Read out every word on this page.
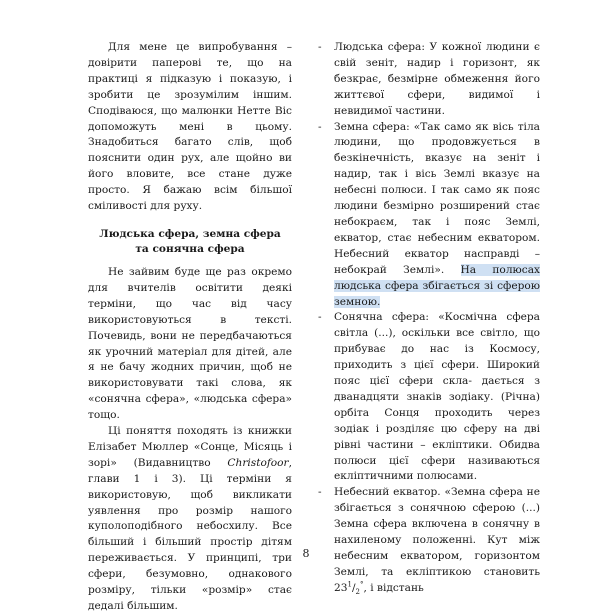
Для мене це випробування – довірити паперові те, що на практиці я підказую і показую, і зробити це зрозумілим іншим. Сподіваюся, що малюнки Нетте Віс допоможуть мені в цьому. Знадобиться багато слів, щоб пояснити один рух, але щойно ви його вловите, все стане дуже просто. Я бажаю всім більшої сміливості для руху.

Людська сфера, земна сфера та сонячна сфера

Не зайвим буде ще раз окремо для вчителів освітити деякі терміни, що час від часу використовуються в тексті. Почевидь, вони не передбачаються як урочний матеріал для дітей, але я не бачу жодних причин, щоб не використовувати такі слова, як «сонячна сфера», «людська сфера» тощо.

Ці поняття походять із книжки Елізабет Мюллер «Сонце, Місяць і зорі» (Видавництво Christofoor, глави 1 і 3). Ці терміни я використовую, щоб викликати уявлення про розмір нашого куполоподібного небосхилу. Все більший і більший простір дітям переживається. У принципі, три сфери, безумовно, однакового розміру, тільки «розмір» стає дедалі більшим.

- Людська сфера: У кожної людини є свій зеніт, надир і горизонт, як безкрає, безмірне обмеження його життєвої сфери, видимої і невидимої частини.
- Земна сфера: «Так само як вісь тіла людини, що продовжується в безкінечність, вказує на зеніт і надир, так і вісь Землі вказує на небесні полюси. І так само як пояс людини безмірно розширений стає небокраєм, так і пояс Землі, екватор, стає небесним екватором. Небесний екватор насправді – небокрай Землі». На полюсах людська сфера збігається зі сферою земною.
- Сонячна сфера: «Космічна сфера світла (...), оскільки все світло, що прибуває до нас із Космосу, приходить з цієї сфери. Широкий пояс цієї сфери скла- дається з дванадцяти знаків зодіаку. (Річна) орбіта Сонця проходить через зодіак і розділяє цю сферу на дві рівні частини – екліптики. Обидва полюси цієї сфери називаються екліптичними полюсами.
- Небесний екватор. «Земна сфера не збігається з сонячною сферою (...) Земна сфера включена в сонячну в нахиленому положенні. Кут між небесним екватором, горизонтом Землі, та екліптикою становить $23^1/_2^\circ$, і відстань
8
